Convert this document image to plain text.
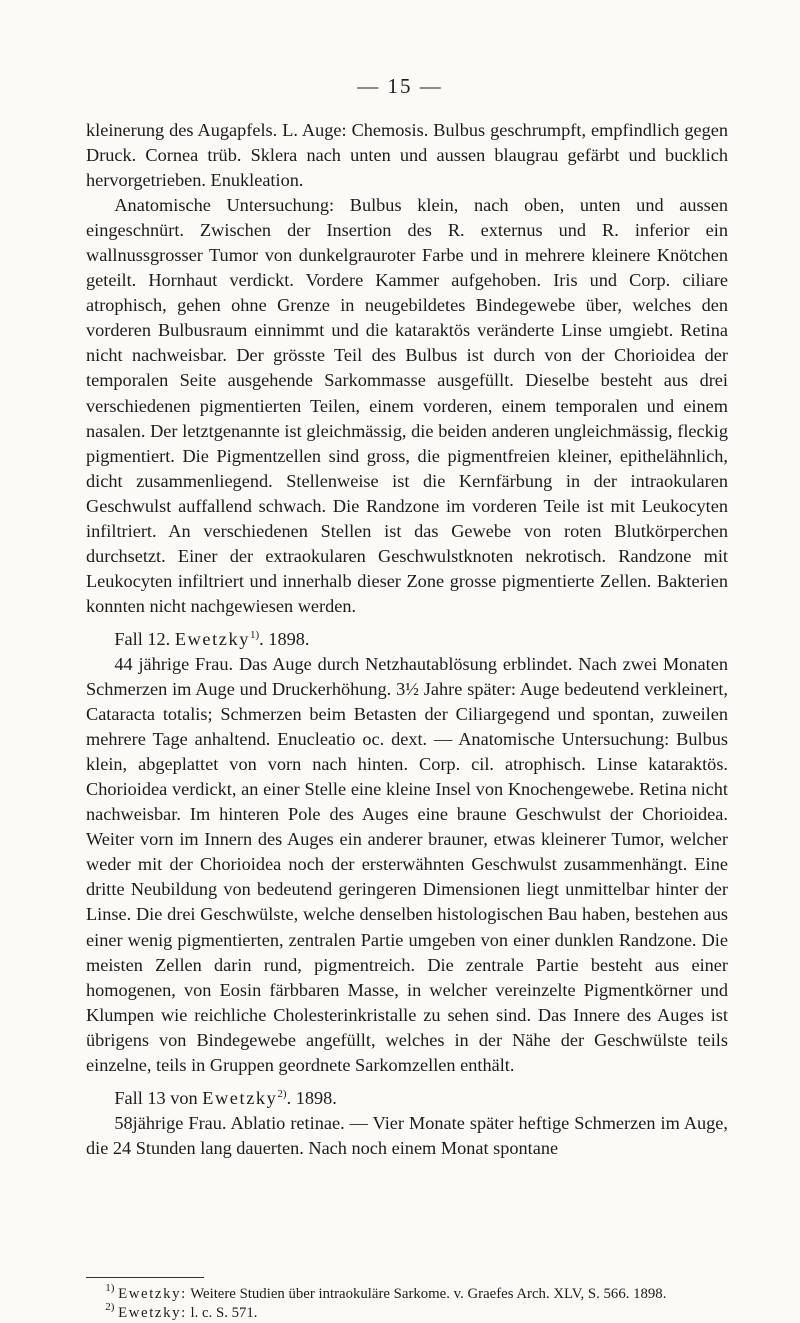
— 15 —

kleinerung des Augapfels. L. Auge: Chemosis. Bulbus geschrumpft, empfindlich gegen Druck. Cornea trüb. Sklera nach unten und aussen blaugrau gefärbt und bucklich hervorgetrieben. Enukleation.

Anatomische Untersuchung: Bulbus klein, nach oben, unten und aussen eingeschnürt. Zwischen der Insertion des R. externus und R. inferior ein wallnussgrosser Tumor von dunkelgrauroter Farbe und in mehrere kleinere Knötchen geteilt. Hornhaut verdickt. Vordere Kammer aufgehoben. Iris und Corp. ciliare atrophisch, gehen ohne Grenze in neugebildetes Bindegewebe über, welches den vorderen Bulbusraum einnimmt und die kataraktös veränderte Linse umgiebt. Retina nicht nachweisbar. Der grösste Teil des Bulbus ist durch von der Chorioidea der temporalen Seite ausgehende Sarkommasse ausgefüllt. Dieselbe besteht aus drei verschiedenen pigmentierten Teilen, einem vorderen, einem temporalen und einem nasalen. Der letztgenannte ist gleichmässig, die beiden anderen ungleichmässig, fleckig pigmentiert. Die Pigmentzellen sind gross, die pigmentfreien kleiner, epithelähnlich, dicht zusammenliegend. Stellenweise ist die Kernfärbung in der intraokularen Geschwulst auffallend schwach. Die Randzone im vorderen Teile ist mit Leukocyten infiltriert. An verschiedenen Stellen ist das Gewebe von roten Blutkörperchen durchsetzt. Einer der extraokularen Geschwulstknoten nekrotisch. Randzone mit Leukocyten infiltriert und innerhalb dieser Zone grosse pigmentierte Zellen. Bakterien konnten nicht nachgewiesen werden.

Fall 12. Ewetzky$^{1)}$. 1898.

44 jährige Frau. Das Auge durch Netzhautablösung erblindet. Nach zwei Monaten Schmerzen im Auge und Druckerhöhung. 3½ Jahre später: Auge bedeutend verkleinert, Cataracta totalis; Schmerzen beim Betasten der Ciliargegend und spontan, zuweilen mehrere Tage anhaltend. Enucleatio oc. dext. — Anatomische Untersuchung: Bulbus klein, abgeplattet von vorn nach hinten. Corp. cil. atrophisch. Linse kataraktös. Chorioidea verdickt, an einer Stelle eine kleine Insel von Knochengewebe. Retina nicht nachweisbar. Im hinteren Pole des Auges eine braune Geschwulst der Chorioidea. Weiter vorn im Innern des Auges ein anderer brauner, etwas kleinerer Tumor, welcher weder mit der Chorioidea noch der ersterwähnten Geschwulst zusammenhängt. Eine dritte Neubildung von bedeutend geringeren Dimensionen liegt unmittelbar hinter der Linse. Die drei Geschwülste, welche denselben histologischen Bau haben, bestehen aus einer wenig pigmentierten, zentralen Partie umgeben von einer dunklen Randzone. Die meisten Zellen darin rund, pigmentreich. Die zentrale Partie besteht aus einer homogenen, von Eosin färbbaren Masse, in welcher vereinzelte Pigmentkörner und Klumpen wie reichliche Cholesterinkristalle zu sehen sind. Das Innere des Auges ist übrigens von Bindegewebe angefüllt, welches in der Nähe der Geschwülste teils einzelne, teils in Gruppen geordnete Sarkomzellen enthält.

Fall 13 von Ewetzky$^{2)}$. 1898.

58jährige Frau. Ablatio retinae. — Vier Monate später heftige Schmerzen im Auge, die 24 Stunden lang dauerten. Nach noch einem Monat spontane

$^{1)}$ Ewetzky: Weitere Studien über intraokuläre Sarkome. v. Graefes Arch. XLV, S. 566. 1898.
$^{2)}$ Ewetzky: l. c. S. 571.
